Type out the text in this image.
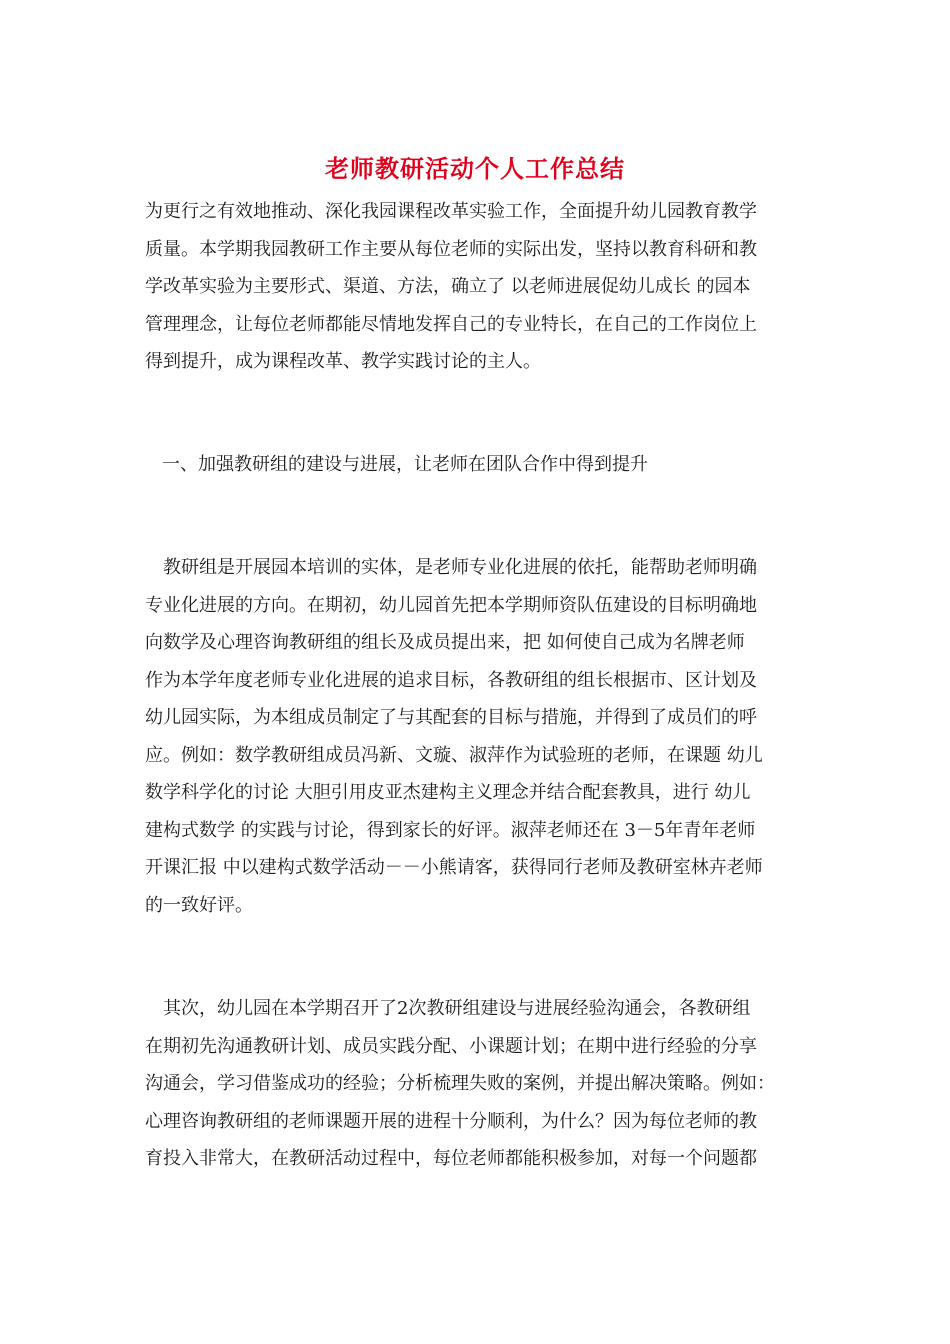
老师教研活动个人工作总结
为更行之有效地推动、深化我园课程改革实验工作，全面提升幼儿园教育教学
质量。本学期我园教研工作主要从每位老师的实际出发，坚持以教育科研和教
学改革实验为主要形式、渠道、方法，确立了 以老师进展促幼儿成长 的园本
管理理念，让每位老师都能尽情地发挥自己的专业特长，在自己的工作岗位上
得到提升，成为课程改革、教学实践讨论的主人。
一、加强教研组的建设与进展，让老师在团队合作中得到提升
教研组是开展园本培训的实体，是老师专业化进展的依托，能帮助老师明确
专业化进展的方向。在期初，幼儿园首先把本学期师资队伍建设的目标明确地
向数学及心理咨询教研组的组长及成员提出来，把 如何使自己成为名牌老师
作为本学年度老师专业化进展的追求目标，各教研组的组长根据市、区计划及
幼儿园实际，为本组成员制定了与其配套的目标与措施，并得到了成员们的呼
应。例如：数学教研组成员冯新、文璇、淑萍作为试验班的老师，在课题 幼儿
数学科学化的讨论 大胆引用皮亚杰建构主义理念并结合配套教具，进行 幼儿
建构式数学 的实践与讨论，得到家长的好评。淑萍老师还在 3－5年青年老师
开课汇报 中以建构式数学活动－－小熊请客，获得同行老师及教研室林卉老师
的一致好评。
其次，幼儿园在本学期召开了2次教研组建设与进展经验沟通会，各教研组
在期初先沟通教研计划、成员实践分配、小课题计划；在期中进行经验的分享
沟通会，学习借鉴成功的经验；分析梳理失败的案例，并提出解决策略。例如：
心理咨询教研组的老师课题开展的进程十分顺利，为什么？因为每位老师的教
育投入非常大，在教研活动过程中，每位老师都能积极参加，对每一个问题都
